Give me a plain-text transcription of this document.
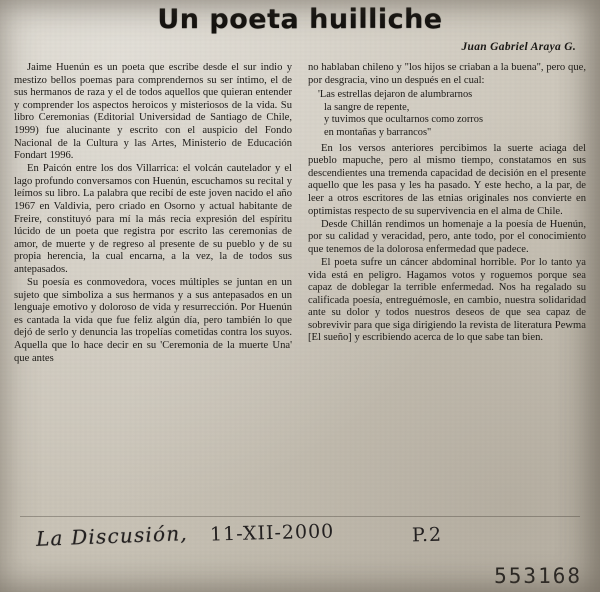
Un poeta huilliche
Juan Gabriel Araya G.

Jaime Huenún es un poeta que escribe desde el sur indio y mestizo bellos poemas para comprendernos su ser íntimo, el de sus hermanos de raza y el de todos aquellos que quieran entender y comprender los aspectos heroicos y misteriosos de la vida. Su libro Ceremonias (Editorial Universidad de Santiago de Chile, 1999) fue alucinante y escrito con el auspicio del Fondo Nacional de la Cultura y las Artes, Ministerio de Educación Fondart 1996.

En Paicón entre los dos Villarrica: el volcán cautelador y el lago profundo conversamos con Huenún, escuchamos su recital y leímos su libro. La palabra que recibí de este joven nacido el año 1967 en Valdivia, pero criado en Osorno y actual habitante de Freire, constituyó para mí la más recia expresión del espíritu lúcido de un poeta que registra por escrito las ceremonias de amor, de muerte y de regreso al presente de su pueblo y de su propia herencia, la cual encarna, a la vez, la de todos sus antepasados.

Su poesía es conmovedora, voces múltiples se juntan en un sujeto que simboliza a sus hermanos y a sus antepasados en un lenguaje emotivo y doloroso de vida y resurrección. Por Huenún es cantada la vida que fue feliz algún día, pero también lo que dejó de serlo y denuncia las tropelías cometidas contra los suyos. Aquella que lo hace decir en su 'Ceremonia de la muerte Una' que antes

no hablaban chileno y "los hijos se criaban a la buena", pero que, por desgracia, vino un después en el cual:

'Las estrellas dejaron de alumbrarnos
la sangre de repente,
y tuvimos que ocultarnos como zorros
en montañas y barrancos"

En los versos anteriores percibimos la suerte aciaga del pueblo mapuche, pero al mismo tiempo, constatamos en sus descendientes una tremenda capacidad de decisión en el presente aquello que les pasa y les ha pasado. Y este hecho, a la par, de leer a otros escritores de las etnias originales nos convierte en optimistas respecto de su supervivencia en el alma de Chile.

Desde Chillán rendimos un homenaje a la poesía de Huenún, por su calidad y veracidad, pero, ante todo, por el conocimiento que tenemos de la dolorosa enfermedad que padece.

El poeta sufre un cáncer abdominal horrible. Por lo tanto ya vida está en peligro. Hagamos votos y roguemos porque sea capaz de doblegar la terrible enfermedad. Nos ha regalado su calificada poesía, entreguémosle, en cambio, nuestra solidaridad ante su dolor y todos nuestros deseos de que sea capaz de sobrevivir para que siga dirigiendo la revista de literatura Pewma [El sueño] y escribiendo acerca de lo que sabe tan bien.

La Discusión, 11-XII-2000	P.2
553168
